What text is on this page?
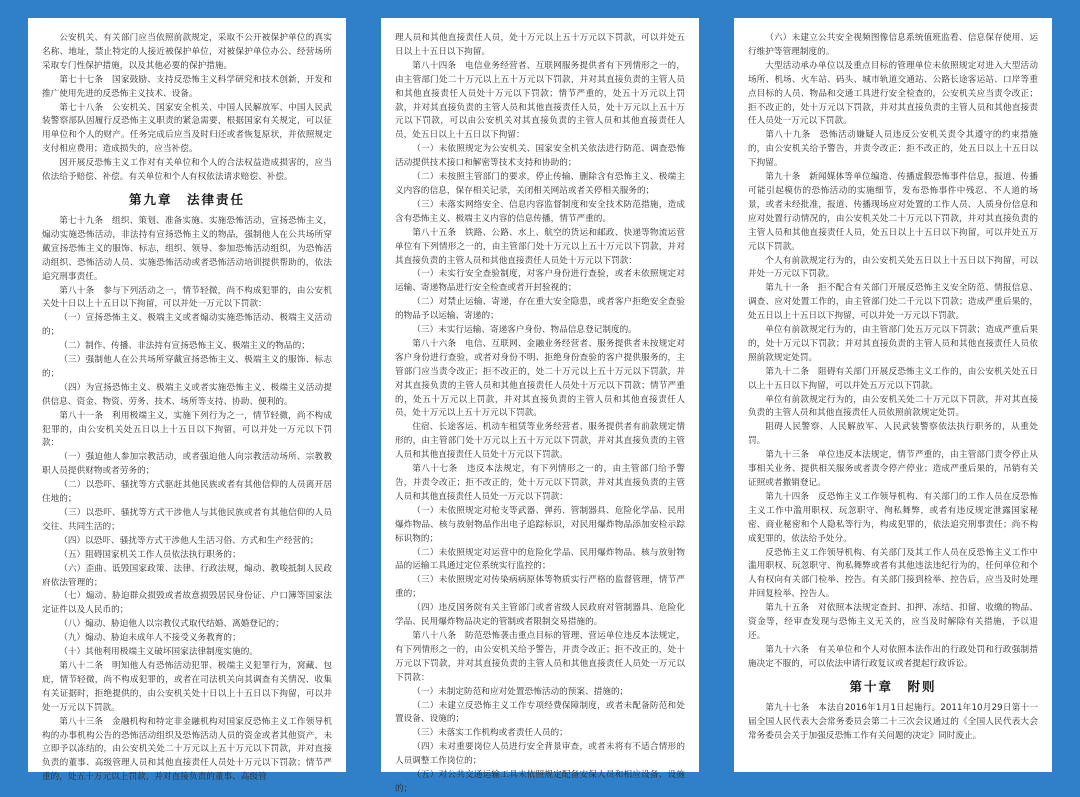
公安机关、有关部门应当依照前款规定，采取不公开被保护单位的真实名称、地址，禁止特定的人接近被保护单位，对被保护单位办公、经营场所采取专门性保护措施，以及其他必要的保护措施。

第七十七条　国家鼓励、支持反恐怖主义科学研究和技术创新，开发和推广使用先进的反恐怖主义技术、设备。

第七十八条　公安机关、国家安全机关、中国人民解放军、中国人民武装警察部队因履行反恐怖主义职责的紧急需要，根据国家有关规定，可以征用单位和个人的财产。任务完成后应当及时归还或者恢复原状，并依照规定支付相应费用；造成损失的，应当补偿。

因开展反恐怖主义工作对有关单位和个人的合法权益造成损害的，应当依法给予赔偿、补偿。有关单位和个人有权依法请求赔偿、补偿。

第九章　法律责任

第七十九条　组织、策划、准备实施、实施恐怖活动，宣扬恐怖主义，煽动实施恐怖活动，非法持有宣扬恐怖主义的物品，强制他人在公共场所穿戴宣扬恐怖主义的服饰、标志，组织、领导、参加恐怖活动组织，为恐怖活动组织、恐怖活动人员、实施恐怖活动或者恐怖活动培训提供帮助的，依法追究刑事责任。

第八十条　参与下列活动之一，情节轻微，尚不构成犯罪的，由公安机关处十日以上十五日以下拘留，可以并处一万元以下罚款：

（一）宣扬恐怖主义、极端主义或者煽动实施恐怖活动、极端主义活动的；

（二）制作、传播、非法持有宣扬恐怖主义、极端主义的物品的；

（三）强制他人在公共场所穿戴宣扬恐怖主义、极端主义的服饰、标志的；

（四）为宣扬恐怖主义、极端主义或者实施恐怖主义、极端主义活动提供信息、资金、物资、劳务、技术、场所等支持、协助、便利的。

第八十一条　利用极端主义，实施下列行为之一，情节轻微，尚不构成犯罪的，由公安机关处五日以上十五日以下拘留，可以并处一万元以下罚款：

（一）强迫他人参加宗教活动，或者强迫他人向宗教活动场所、宗教教职人员提供财物或者劳务的；

（二）以恐吓、骚扰等方式驱赶其他民族或者有其他信仰的人员离开居住地的；

（三）以恐吓、骚扰等方式干涉他人与其他民族或者有其他信仰的人员交往、共同生活的；

（四）以恐吓、骚扰等方式干涉他人生活习俗、方式和生产经营的；

（五）阻碍国家机关工作人员依法执行职务的；

（六）歪曲、诋毁国家政策、法律、行政法规，煽动、教唆抵制人民政府依法管理的；

（七）煽动、胁迫群众损毁或者故意损毁居民身份证、户口簿等国家法定证件以及人民币的；

（八）煽动、胁迫他人以宗教仪式取代结婚、离婚登记的；

（九）煽动、胁迫未成年人不接受义务教育的；

（十）其他利用极端主义破坏国家法律制度实施的。

第八十二条　明知他人有恐怖活动犯罪、极端主义犯罪行为，窝藏、包庇，情节轻微，尚不构成犯罪的，或者在司法机关向其调查有关情况、收集有关证据时，拒绝提供的，由公安机关处十日以上十五日以下拘留，可以并处一万元以下罚款。

第八十三条　金融机构和特定非金融机构对国家反恐怖主义工作领导机构的办事机构公告的恐怖活动组织及恐怖活动人员的资金或者其他资产，未立即予以冻结的，由公安机关处二十万元以上五十万元以下罚款，并对直接负责的董事、高级管理人员和其他直接责任人员处十万元以下罚款；情节严重的，处五十万元以上罚款，并对直接负责的董事、高级管

理人员和其他直接责任人员，处十万元以上五十万元以下罚款，可以并处五日以上十五日以下拘留。

第八十四条　电信业务经营者、互联网服务提供者有下列情形之一的，由主管部门处二十万元以上五十万元以下罚款，并对其直接负责的主管人员和其他直接责任人员处十万元以下罚款；情节严重的，处五十万元以上罚款，并对其直接负责的主管人员和其他直接责任人员，处十万元以上五十万元以下罚款，可以由公安机关对其直接负责的主管人员和其他直接责任人员，处五日以上十五日以下拘留：

（一）未依照规定为公安机关、国家安全机关依法进行防范、调查恐怖活动提供技术接口和解密等技术支持和协助的；

（二）未按照主管部门的要求，停止传输、删除含有恐怖主义、极端主义内容的信息，保存相关记录，关闭相关网站或者关停相关服务的；

（三）未落实网络安全、信息内容监督制度和安全技术防范措施，造成含有恐怖主义、极端主义内容的信息传播，情节严重的。

第八十五条　铁路、公路、水上、航空的货运和邮政、快递等物流运营单位有下列情形之一的，由主管部门处十万元以上五十万元以下罚款，并对其直接负责的主管人员和其他直接责任人员处十万元以下罚款：

（一）未实行安全查验制度，对客户身份进行查验，或者未依照规定对运输、寄递物品进行安全检查或者开封验视的；

（二）对禁止运输、寄递，存在重大安全隐患，或者客户拒绝安全查验的物品予以运输、寄递的；

（三）未实行运输、寄递客户身份、物品信息登记制度的。

第八十六条　电信、互联网、金融业务经营者、服务提供者未按规定对客户身份进行查验，或者对身份不明、拒绝身份查验的客户提供服务的，主管部门应当责令改正；拒不改正的，处二十万元以上五十万元以下罚款，并对其直接负责的主管人员和其他直接责任人员处十万元以下罚款；情节严重的，处五十万元以上罚款，并对其直接负责的主管人员和其他直接责任人员，处十万元以上五十万元以下罚款。

住宿、长途客运、机动车租赁等业务经营者、服务提供者有前款规定情形的，由主管部门处十万元以上五十万元以下罚款，并对其直接负责的主管人员和其他直接责任人员处十万元以下罚款。

第八十七条　违反本法规定，有下列情形之一的，由主管部门给予警告，并责令改正；拒不改正的，处十万元以下罚款，并对其直接负责的主管人员和其他直接责任人员处一万元以下罚款：

（一）未依照规定对枪支等武器、弹药、管制器具、危险化学品、民用爆炸物品、核与放射物品作出电子追踪标识，对民用爆炸物品添加安检示踪标识物的；

（二）未依照规定对运营中的危险化学品、民用爆炸物品、核与放射物品的运输工具通过定位系统实行监控的；

（三）未依照规定对传染病病原体等物质实行严格的监督管理，情节严重的；

（四）违反国务院有关主管部门或者省级人民政府对管制器具、危险化学品、民用爆炸物品决定的管制或者限制交易措施的。

第八十八条　防范恐怖袭击重点目标的管理、营运单位违反本法规定，有下列情形之一的，由公安机关给予警告，并责令改正；拒不改正的，处十万元以下罚款，并对其直接负责的主管人员和其他直接责任人员处一万元以下罚款：

（一）未制定防范和应对处置恐怖活动的预案、措施的；

（二）未建立反恐怖主义工作专项经费保障制度，或者未配备防范和处置设备、设施的；

（三）未落实工作机构或者责任人员的；

（四）未对重要岗位人员进行安全背景审查，或者未将有不适合情形的人员调整工作岗位的；

（五）对公共交通运输工具未依照规定配备安保人员和相应设备、设施的；

（六）未建立公共安全视频图像信息系统值班监看、信息保存使用、运行维护等管理制度的。

大型活动承办单位以及重点目标的管理单位未依照规定对进入大型活动场所、机场、火车站、码头、城市轨道交通站、公路长途客运站、口岸等重点目标的人员、物品和交通工具进行安全检查的，公安机关应当责令改正；拒不改正的，处十万元以下罚款，并对其直接负责的主管人员和其他直接责任人员处一万元以下罚款。

第八十九条　恐怖活动嫌疑人员违反公安机关责令其遵守的约束措施的，由公安机关给予警告，并责令改正；拒不改正的，处五日以上十五日以下拘留。

第九十条　新闻媒体等单位编造、传播虚假恐怖事件信息，报道、传播可能引起模仿的恐怖活动的实施细节，发布恐怖事件中残忍、不人道的场景，或者未经批准，报道、传播现场应对处置的工作人员、人质身份信息和应对处置行动情况的，由公安机关处二十万元以下罚款，并对其直接负责的主管人员和其他直接责任人员，处五日以上十五日以下拘留，可以并处五万元以下罚款。

个人有前款规定行为的，由公安机关处五日以上十五日以下拘留，可以并处一万元以下罚款。

第九十一条　拒不配合有关部门开展反恐怖主义安全防范、情报信息、调查、应对处置工作的，由主管部门处二千元以下罚款；造成严重后果的，处五日以上十五日以下拘留，可以并处一万元以下罚款。

单位有前款规定行为的，由主管部门处五万元以下罚款；造成严重后果的，处十万元以下罚款；并对其直接负责的主管人员和其他直接责任人员依照前款规定处罚。

第九十二条　阻碍有关部门开展反恐怖主义工作的，由公安机关处五日以上十五日以下拘留，可以并处五万元以下罚款。

单位有前款规定行为的，由公安机关处二十万元以下罚款，并对其直接负责的主管人员和其他直接责任人员依照前款规定处罚。

阻碍人民警察、人民解放军、人民武装警察依法执行职务的，从重处罚。

第九十三条　单位违反本法规定，情节严重的，由主管部门责令停止从事相关业务、提供相关服务或者责令停产停业；造成严重后果的，吊销有关证照或者撤销登记。

第九十四条　反恐怖主义工作领导机构、有关部门的工作人员在反恐怖主义工作中滥用职权、玩忽职守、徇私舞弊，或者有违反规定泄露国家秘密、商业秘密和个人隐私等行为，构成犯罪的，依法追究刑事责任；尚不构成犯罪的，依法给予处分。

反恐怖主义工作领导机构、有关部门及其工作人员在反恐怖主义工作中滥用职权、玩忽职守、徇私舞弊或者有其他违法违纪行为的，任何单位和个人有权向有关部门检举、控告。有关部门接到检举、控告后，应当及时处理并回复检举、控告人。

第九十五条　对依照本法规定查封、扣押、冻结、扣留、收缴的物品、资金等，经审查发现与恐怖主义无关的，应当及时解除有关措施，予以退还。

第九十六条　有关单位和个人对依照本法作出的行政处罚和行政强制措施决定不服的，可以依法申请行政复议或者提起行政诉讼。

第十章　附则

第九十七条　本法自2016年1月1日起施行。2011年10月29日第十一届全国人民代表大会常务委员会第二十三次会议通过的《全国人民代表大会常务委员会关于加强反恐怖工作有关问题的决定》同时废止。
